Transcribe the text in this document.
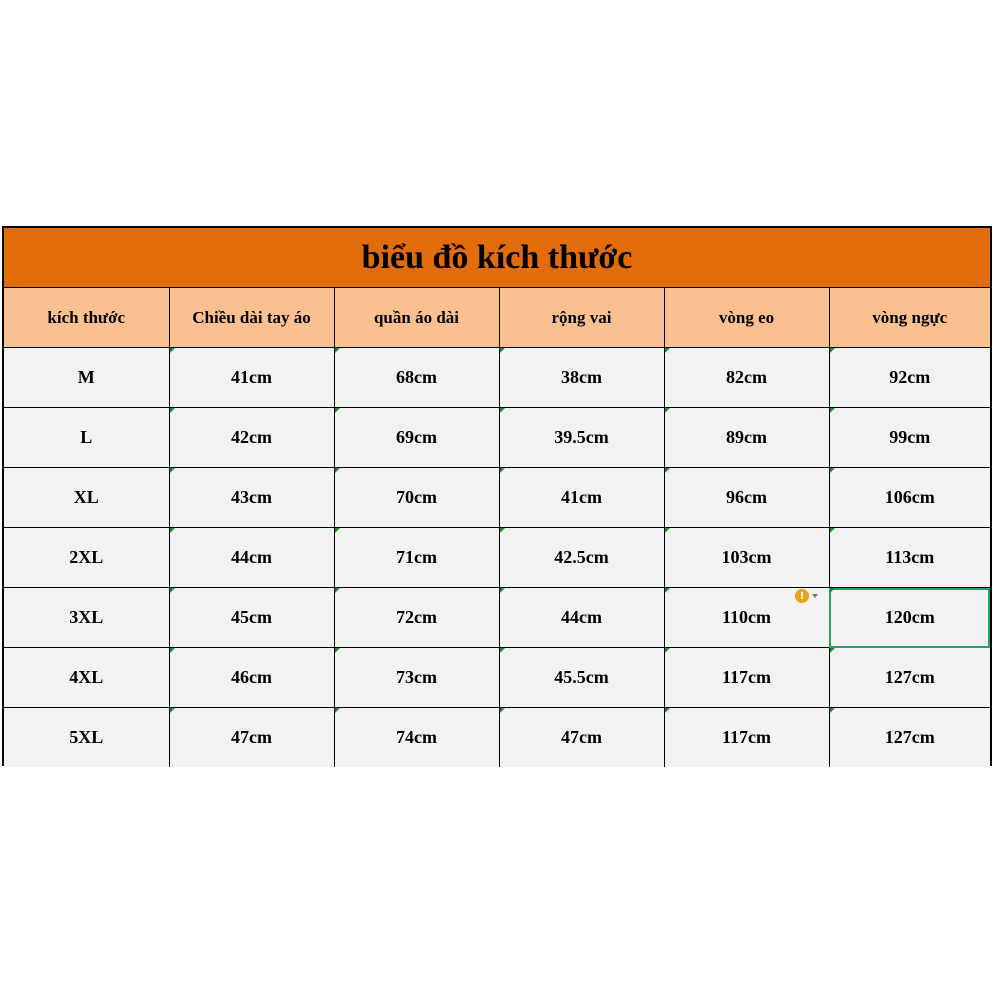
biểu đồ kích thước
kích thước	Chiều dài tay áo	quần áo dài	rộng vai	vòng eo	vòng ngực
M	41cm	68cm	38cm	82cm	92cm
L	42cm	69cm	39.5cm	89cm	99cm
XL	43cm	70cm	41cm	96cm	106cm
2XL	44cm	71cm	42.5cm	103cm	113cm
3XL	45cm	72cm	44cm	110cm	120cm
4XL	46cm	73cm	45.5cm	117cm	127cm
5XL	47cm	74cm	47cm	117cm	127cm
!
